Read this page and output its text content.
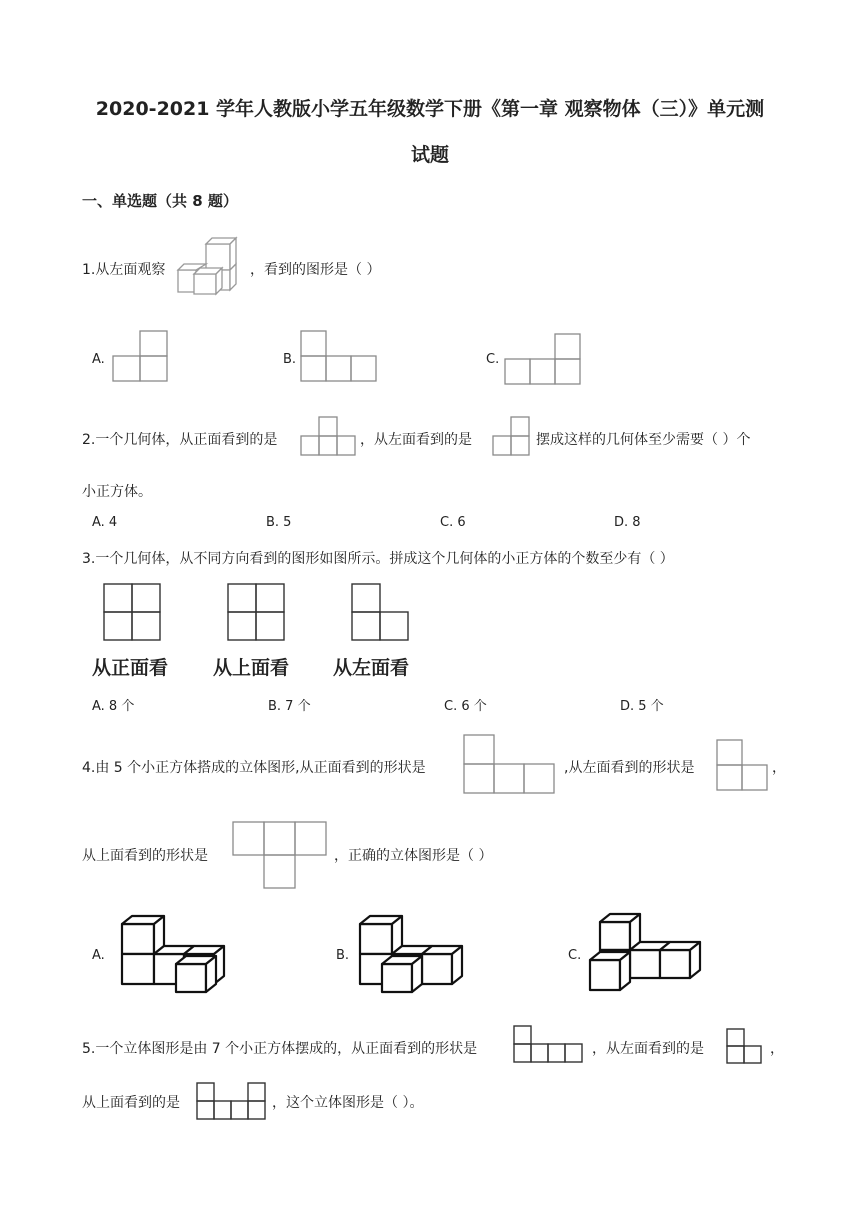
2020-2021 学年人教版小学五年级数学下册《第一章 观察物体（三）》单元测
试题
一、单选题（共 8 题）
1.从左面观察	，看到的图形是（ ）
A.	B.	C.
2.一个几何体，从正面看到的是	，从左面看到的是	摆成这样的几何体至少需要（ ）个
小正方体。
A. 4	B. 5	C. 6	D. 8
3.一个几何体，从不同方向看到的图形如图所示。拼成这个几何体的小正方体的个数至少有（ ）
从正面看 从上面看 从左面看
A. 8 个	B. 7 个	C. 6 个	D. 5 个
4.由 5 个小正方体搭成的立体图形,从正面看到的形状是	,从左面看到的形状是	，
从上面看到的形状是	，正确的立体图形是（ ）
A.	B.	C.
5.一个立体图形是由 7 个小正方体摆成的，从正面看到的形状是	，从左面看到的是	，
从上面看到的是	，这个立体图形是（ ）。
